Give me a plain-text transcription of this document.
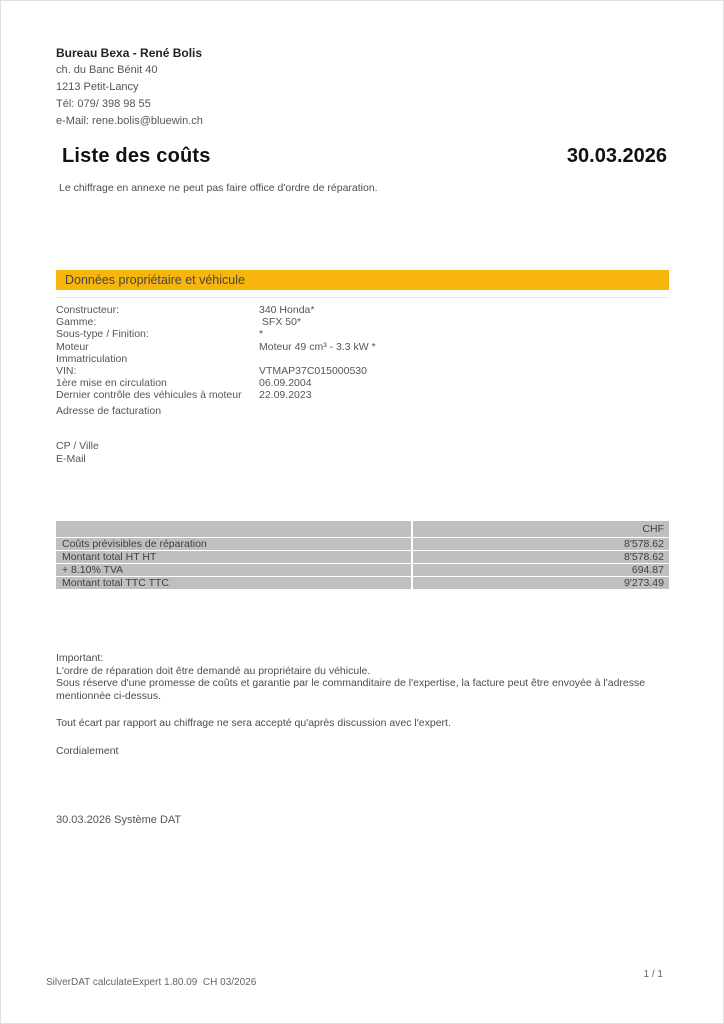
Bureau Bexa - René Bolis
ch. du Banc Bénit 40
1213 Petit-Lancy
Tél: 079/ 398 98 55
e-Mail: rene.bolis@bluewin.ch
Liste des coûts	30.03.2026
Le chiffrage en annexe ne peut pas faire office d'ordre de réparation.
Données propriétaire et véhicule
Constructeur:	340 Honda*
Gamme:	SFX 50*
Sous-type / Finition:	*
Moteur	Moteur 49 cm³ - 3.3 kW *
Immatriculation
VIN:	VTMAP37C015000530
1ère mise en circulation	06.09.2004
Dernier contrôle des véhicules à moteur	22.09.2023
Adresse de facturation
CP / Ville
E-Mail
CHF
Coûts prévisibles de réparation	8'578.62
Montant total HT HT	8'578.62
+ 8.10% TVA	694.87
Montant total TTC TTC	9'273.49
Important:
L'ordre de réparation doit être demandé au propriétaire du véhicule.
Sous réserve d'une promesse de coûts et garantie par le commanditaire de l'expertise, la facture peut être envoyée à l'adresse mentionnée ci-dessus.
Tout écart par rapport au chiffrage ne sera accepté qu'après discussion avec l'expert.
Cordialement
30.03.2026 Système DAT
SilverDAT calculateExpert 1.80.09  CH 03/2026
1 / 1
